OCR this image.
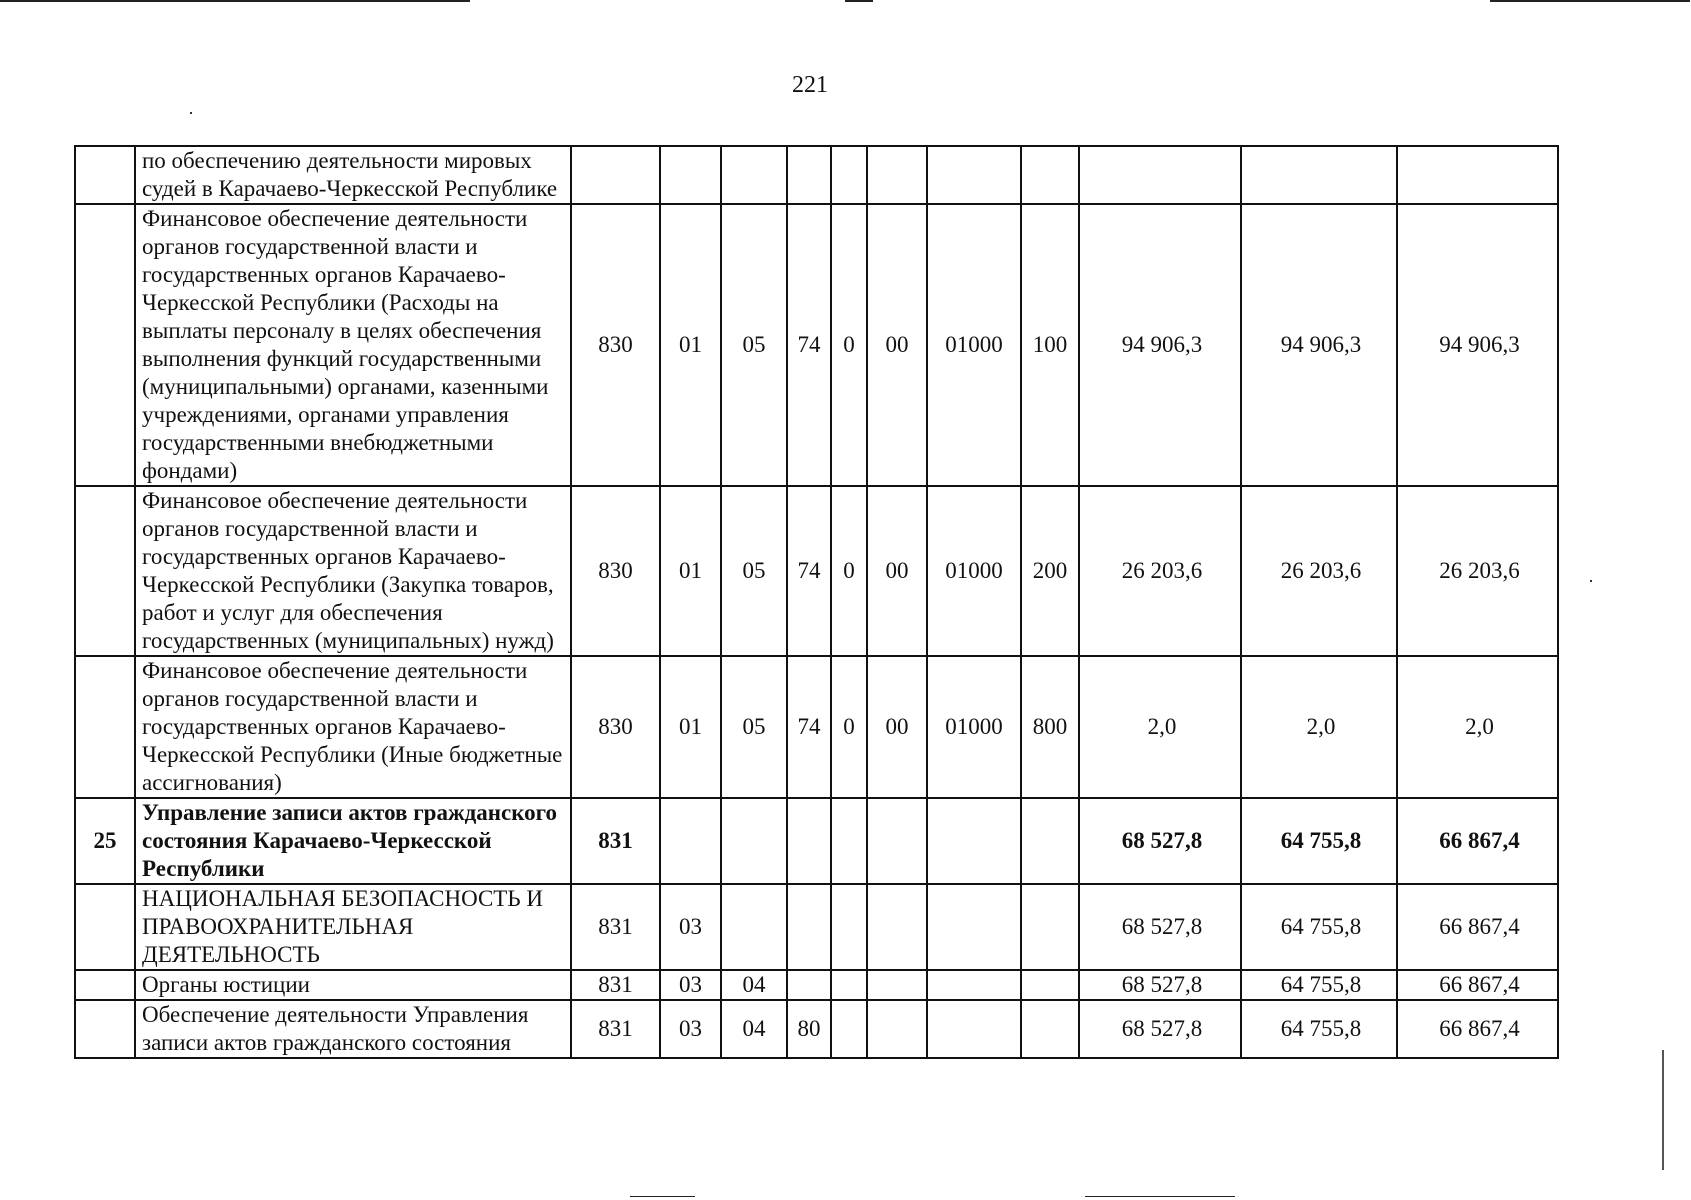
221
	по обеспечению деятельности мировых судей в Карачаево-Черкесской Республике											
	Финансовое обеспечение деятельности органов государственной власти и государственных органов Карачаево-Черкесской Республики (Расходы на выплаты персоналу в целях обеспечения выполнения функций государственными (муниципальными) органами, казенными учреждениями, органами управления государственными внебюджетными фондами)	830	01	05	74	0	00	01000	100	94 906,3	94 906,3	94 906,3
	Финансовое обеспечение деятельности органов государственной власти и государственных органов Карачаево-Черкесской Республики (Закупка товаров, работ и услуг для обеспечения государственных (муниципальных) нужд)	830	01	05	74	0	00	01000	200	26 203,6	26 203,6	26 203,6
	Финансовое обеспечение деятельности органов государственной власти и государственных органов Карачаево-Черкесской Республики (Иные бюджетные ассигнования)	830	01	05	74	0	00	01000	800	2,0	2,0	2,0
25	Управление записи актов гражданского состояния Карачаево-Черкесской Республики	831								68 527,8	64 755,8	66 867,4
	НАЦИОНАЛЬНАЯ БЕЗОПАСНОСТЬ И ПРАВООХРАНИТЕЛЬНАЯ ДЕЯТЕЛЬНОСТЬ	831	03							68 527,8	64 755,8	66 867,4
	Органы юстиции	831	03	04						68 527,8	64 755,8	66 867,4
	Обеспечение деятельности Управления записи актов гражданского состояния	831	03	04	80					68 527,8	64 755,8	66 867,4
